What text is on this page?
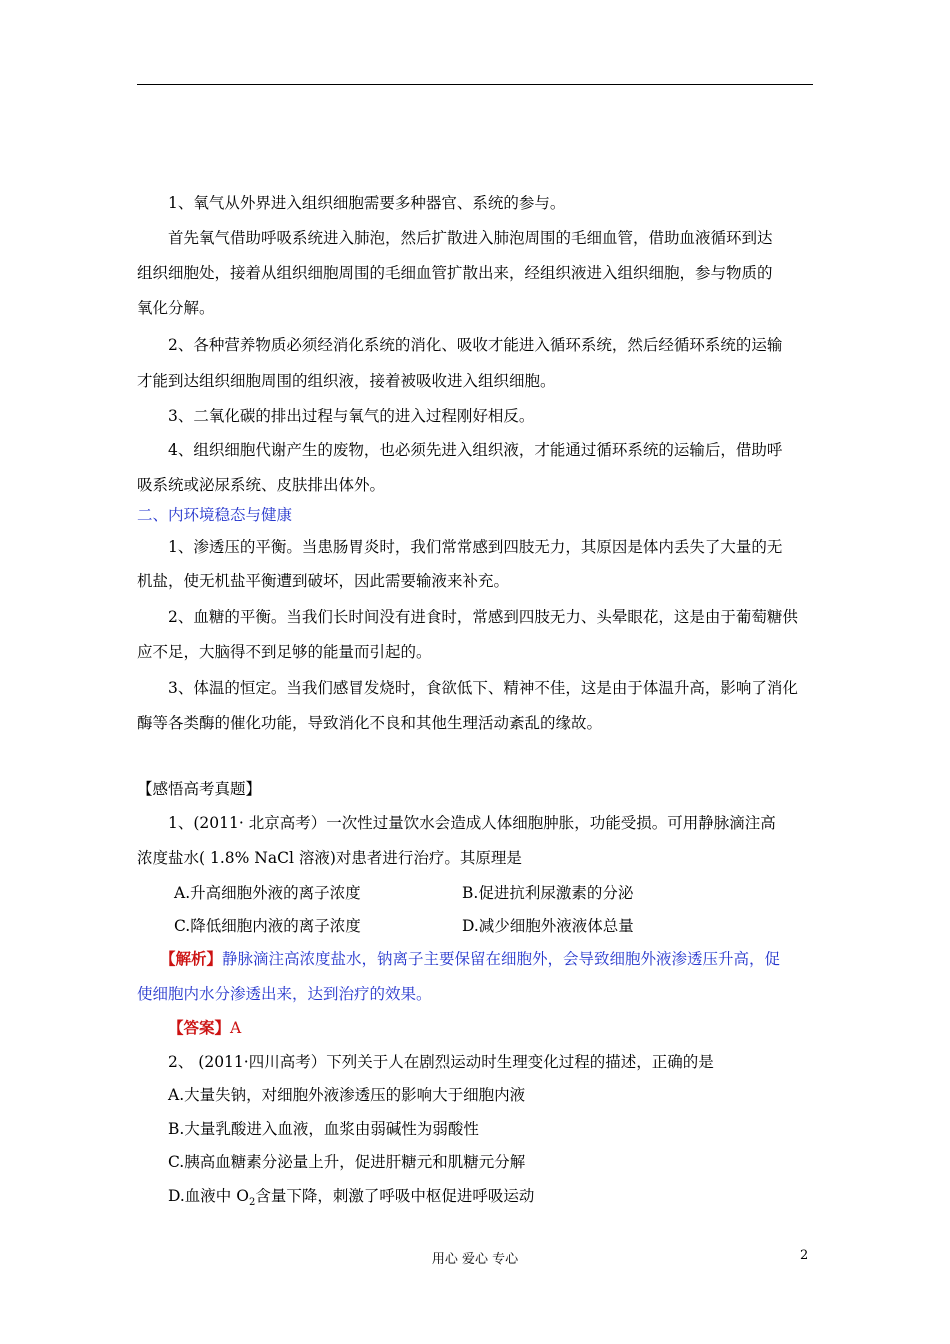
1、氧气从外界进入组织细胞需要多种器官、系统的参与。
首先氧气借助呼吸系统进入肺泡，然后扩散进入肺泡周围的毛细血管，借助血液循环到达
组织细胞处，接着从组织细胞周围的毛细血管扩散出来，经组织液进入组织细胞，参与物质的
氧化分解。
2、各种营养物质必须经消化系统的消化、吸收才能进入循环系统，然后经循环系统的运输
才能到达组织细胞周围的组织液，接着被吸收进入组织细胞。
3、二氧化碳的排出过程与氧气的进入过程刚好相反。
4、组织细胞代谢产生的废物，也必须先进入组织液，才能通过循环系统的运输后，借助呼
吸系统或泌尿系统、皮肤排出体外。
二、内环境稳态与健康
1、渗透压的平衡。当患肠胃炎时，我们常常感到四肢无力，其原因是体内丢失了大量的无
机盐，使无机盐平衡遭到破坏，因此需要输液来补充。
2、血糖的平衡。当我们长时间没有进食时，常感到四肢无力、头晕眼花，这是由于葡萄糖供
应不足，大脑得不到足够的能量而引起的。
3、体温的恒定。当我们感冒发烧时，食欲低下、精神不佳，这是由于体温升高，影响了消化
酶等各类酶的催化功能，导致消化不良和其他生理活动紊乱的缘故。
【感悟高考真题】
1、(2011· 北京高考）一次性过量饮水会造成人体细胞肿胀，功能受损。可用静脉滴注高
浓度盐水( 1.8% NaCl 溶液)对患者进行治疗。其原理是
A.升高细胞外液的离子浓度	B.促进抗利尿激素的分泌
C.降低细胞内液的离子浓度	D.减少细胞外液液体总量
【解析】静脉滴注高浓度盐水，钠离子主要保留在细胞外，会导致细胞外液渗透压升高，促
使细胞内水分渗透出来，达到治疗的效果。
【答案】A
2、 (2011·四川高考）下列关于人在剧烈运动时生理变化过程的描述，正确的是
A.大量失钠，对细胞外液渗透压的影响大于细胞内液
B.大量乳酸进入血液，血浆由弱碱性为弱酸性
C.胰高血糖素分泌量上升，促进肝糖元和肌糖元分解
D.血液中 $O_2$含量下降，刺激了呼吸中枢促进呼吸运动
用心 爱心 专心	2
